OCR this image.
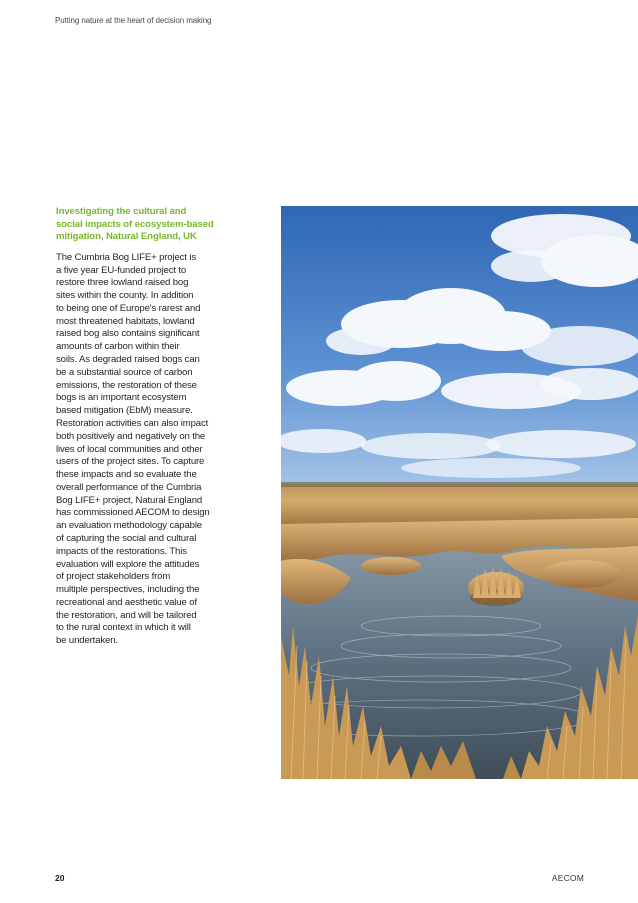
Putting nature at the heart of decision making
Investigating the cultural and
social impacts of ecosystem-based
mitigation, Natural England, UK

The Cumbria Bog LIFE+ project is
a five year EU-funded project to
restore three lowland raised bog
sites within the county. In addition
to being one of Europe's rarest and
most threatened habitats, lowland
raised bog also contains significant
amounts of carbon within their
soils. As degraded raised bogs can
be a substantial source of carbon
emissions, the restoration of these
bogs is an important ecosystem
based mitigation (EbM) measure.
Restoration activities can also impact
both positively and negatively on the
lives of local communities and other
users of the project sites. To capture
these impacts and so evaluate the
overall performance of the Cumbria
Bog LIFE+ project, Natural England
has commissioned AECOM to design
an evaluation methodology capable
of capturing the social and cultural
impacts of the restorations. This
evaluation will explore the attitudes
of project stakeholders from
multiple perspectives, including the
recreational and aesthetic value of
the restoration, and will be tailored
to the rural context in which it will
be undertaken.

20	AECOM
